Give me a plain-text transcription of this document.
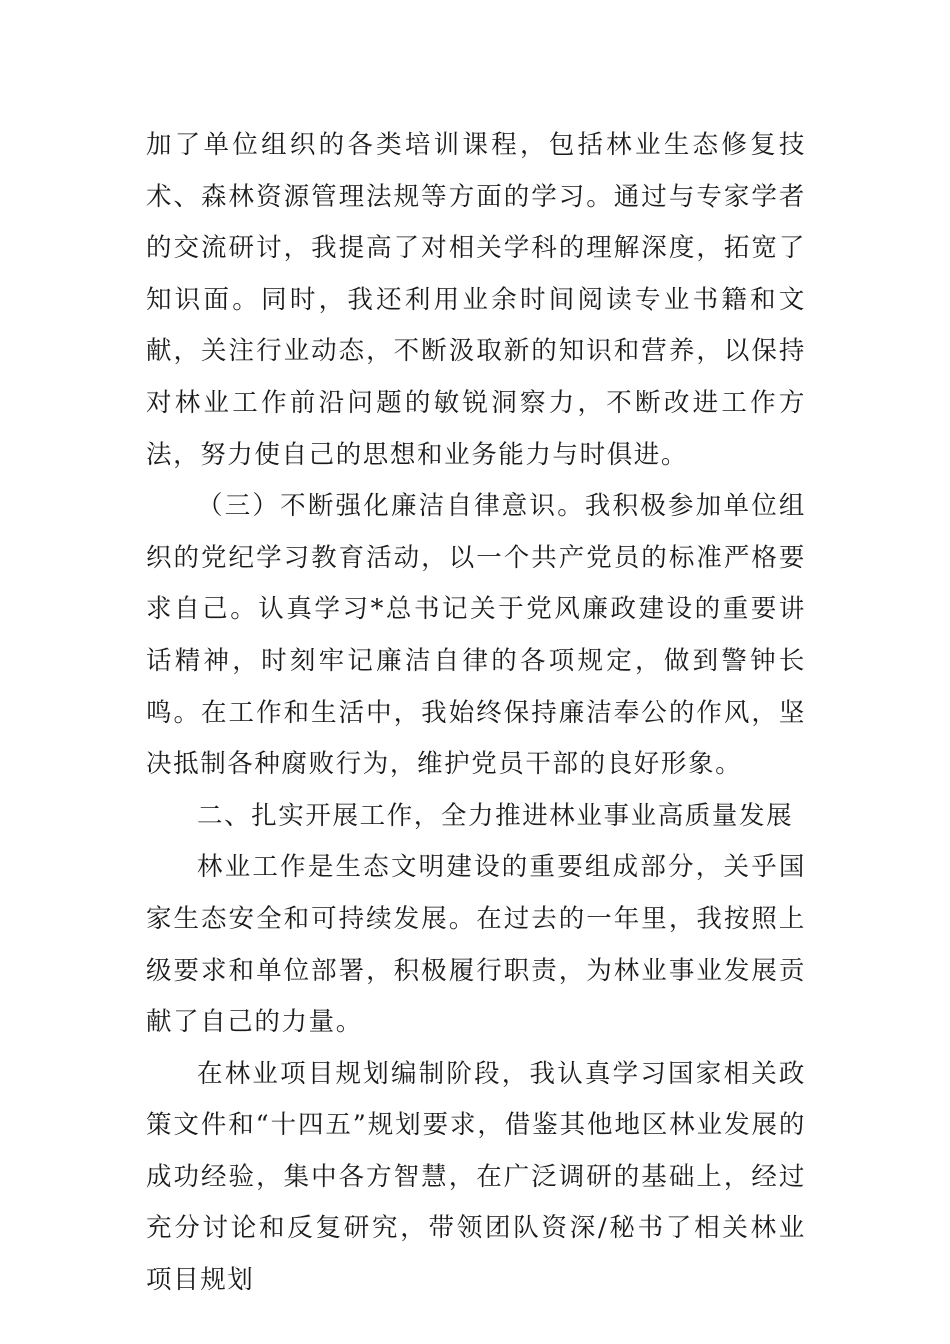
加了单位组织的各类培训课程，包括林业生态修复技术、森林资源管理法规等方面的学习。通过与专家学者的交流研讨，我提高了对相关学科的理解深度，拓宽了知识面。同时，我还利用业余时间阅读专业书籍和文献，关注行业动态，不断汲取新的知识和营养，以保持对林业工作前沿问题的敏锐洞察力，不断改进工作方法，努力使自己的思想和业务能力与时俱进。

（三）不断强化廉洁自律意识。我积极参加单位组织的党纪学习教育活动，以一个共产党员的标准严格要求自己。认真学习*总书记关于党风廉政建设的重要讲话精神，时刻牢记廉洁自律的各项规定，做到警钟长鸣。在工作和生活中，我始终保持廉洁奉公的作风，坚决抵制各种腐败行为，维护党员干部的良好形象。

二、扎实开展工作，全力推进林业事业高质量发展

林业工作是生态文明建设的重要组成部分，关乎国家生态安全和可持续发展。在过去的一年里，我按照上级要求和单位部署，积极履行职责，为林业事业发展贡献了自己的力量。

在林业项目规划编制阶段，我认真学习国家相关政策文件和“十四五”规划要求，借鉴其他地区林业发展的成功经验，集中各方智慧，在广泛调研的基础上，经过充分讨论和反复研究，带领团队资深/秘书了相关林业项目规划
